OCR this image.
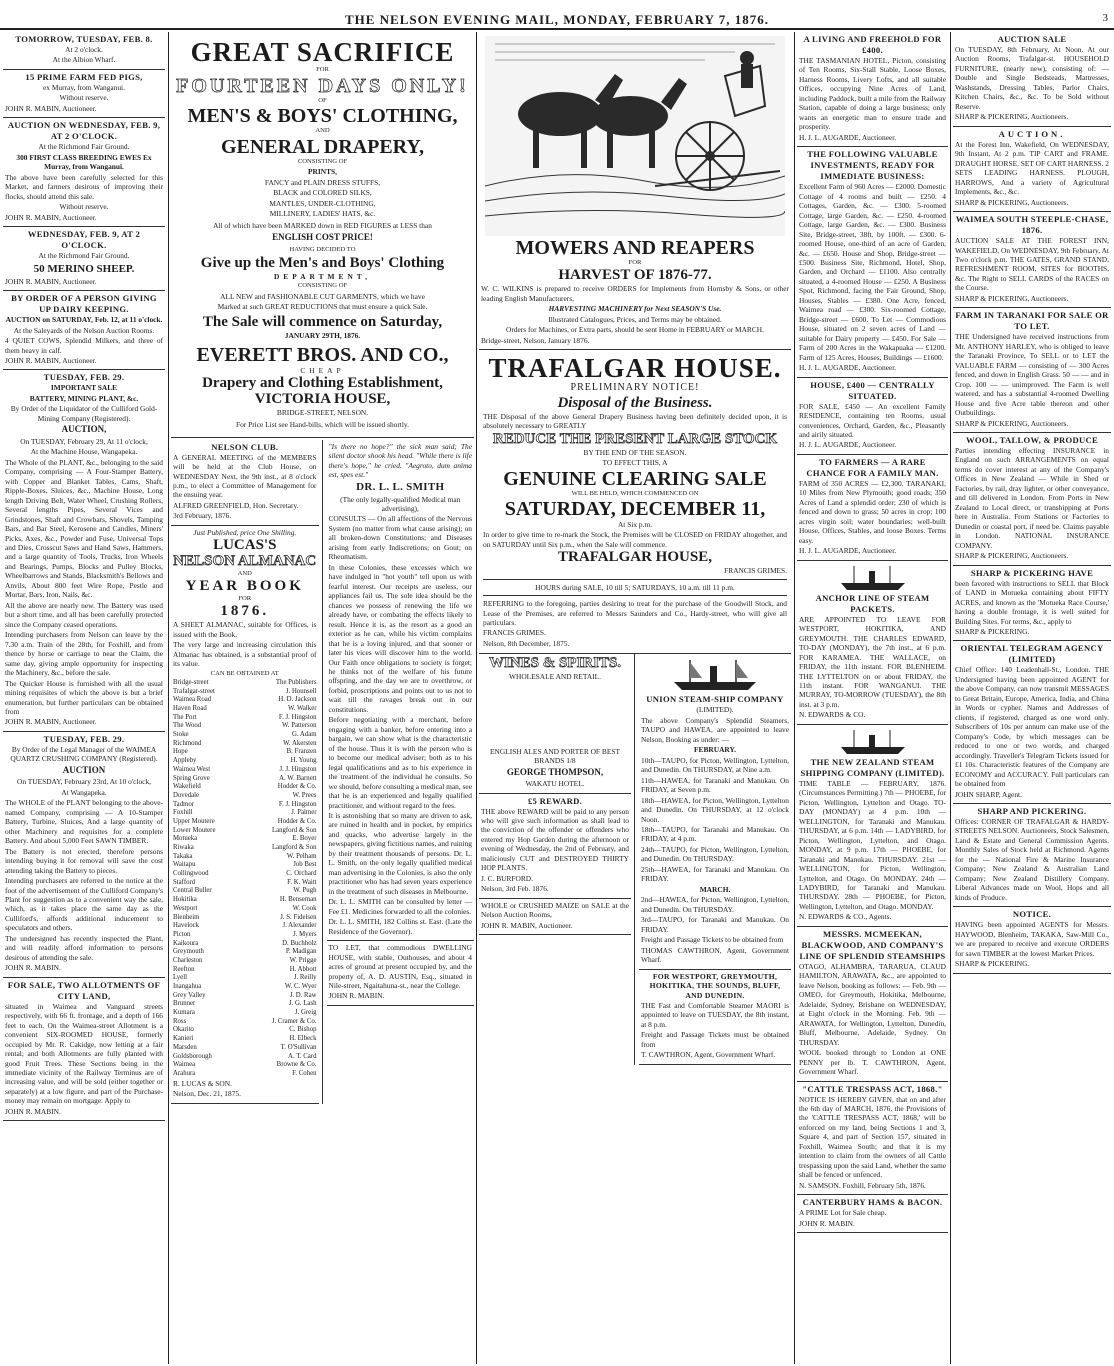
THE NELSON EVENING MAIL, MONDAY, FEBRUARY 7, 1876.	3
TOMORROW, TUESDAY, FEB. 8.

At 2 o'clock.

At the Albion Wharf.

15 PRIME FARM FED PIGS,

ex Murray, from Wanganui.

Without reserve.

JOHN R. MABIN, Auctioneer.

AUCTION ON WEDNESDAY, FEB. 9, AT 2 O'CLOCK.

At the Richmond Fair Ground.

300 FIRST CLASS BREEDING EWES Ex Murray, from Wanganui.

The above have been carefully selected for this Market, and farmers desirous of improving their flocks, should attend this sale.

Without reserve.

JOHN R. MABIN, Auctioneer.

WEDNESDAY, FEB. 9, AT 2 O'CLOCK.

At the Richmond Fair Ground.

50 MERINO SHEEP.

JOHN R. MABIN, Auctioneer.

BY ORDER OF A PERSON GIVING UP DAIRY KEEPING.

AUCTION on SATURDAY, Feb. 12, at 11 o'clock.

At the Saleyards of the Nelson Auction Rooms.

4 QUIET COWS, Splendid Milkers, and three of them heavy in calf.

JOHN R. MABIN, Auctioneer.

TUESDAY, FEB. 29.

IMPORTANT SALE

BATTERY, MINING PLANT, &c.

By Order of the Liquidator of the Culliford Gold-Mining Company (Registered).

AUCTION,

On TUESDAY, February 29, At 11 o'clock,

At the Machine House, Wangapeka.

The Whole of the PLANT, &c., belonging to the said Company, comprising — A Four-Stamper Battery, with Copper and Blanket Tables, Cams, Shaft, Ripple-Boxes, Sluices, &c., Machine House, Long length Driving Belt, Water Wheel, Crushing Rollers, Several lengths Pipes, Several Vices and Grindstones, Shaft and Crowbars, Shovels, Tamping Bars, and Bar Steel, Kerosene and Candles, Miners' Picks, Axes, &c., Powder and Fuse, Universal Tops and Dies, Crosscut Saws and Hand Saws, Hammers, and a large quantity of Tools, Trucks, Iron Wheels and Bearings, Pumps, Blocks and Pulley Blocks, Wheelbarrows and Stands, Blacksmith's Bellows and Anvils, About 800 feet Wire Rope, Pestle and Mortar, Bars, Iron, Nails, &c.

All the above are nearly new. The Battery was used but a short time, and all has been carefully protected since the Company ceased operations.

Intending purchasers from Nelson can leave by the 7.30 a.m. Train of the 28th, for Foxhill, and from thence by horse or carriage to near the Claim, the same day, giving ample opportunity for inspecting the Machinery, &c., before the sale.

The Quicker House is furnished with all the usual mining requisites of which the above is but a brief enumeration, but further particulars can be obtained from

JOHN R. MABIN, Auctioneer.

TUESDAY, FEB. 29.

By Order of the Legal Manager of the WAIMEA QUARTZ CRUSHING COMPANY (Registered).

AUCTION

On TUESDAY, February 23rd, At 10 o'clock,

At Wangapeka.

The WHOLE of the PLANT belonging to the above-named Company, comprising — A 10-Stamper Battery, Turbine, Sluices, And a large quantity of other Machinery and requisites for a complete Battery. And about 5,000 Feet SAWN TIMBER.

The Battery is not erected, therefore persons intending buying it for removal will save the cost attending taking the Battery to pieces.

Intending purchasers are referred to the notice at the foot of the advertisement of the Culliford Company's Plant for suggestion as to a convenient way the sale, which, as it takes place the same day as the Culliford's, affords additional inducement to speculators and others.

The undersigned has recently inspected the Plant, and will readily afford information to persons desirous of attending the sale.

JOHN R. MABIN.

FOR SALE, TWO ALLOTMENTS OF CITY LAND,

situated in Waimea and Vanguard streets respectively, with 66 ft. frontage, and a depth of 166 feet to each. On the Waimea-street Allotment is a convenient SIX-ROOMED HOUSE, formerly occupied by Mr. R. Cakidge, now letting at a fair rental; and both Allotments are fully planted with good Fruit Trees. These Sections being in the immediate vicinity of the Railway Terminus are of increasing value, and will be sold (either together or separately) at a low figure, and part of the Purchase-money may remain on mortgage. Apply to

JOHN R. MABIN.

GREAT SACRIFICE

FOR

FOURTEEN DAYS ONLY!

OF

MEN'S & BOYS' CLOTHING,

AND

GENERAL DRAPERY,

CONSISTING OF

PRINTS,

FANCY and PLAIN DRESS STUFFS,

BLACK and COLORED SILKS,

MANTLES, UNDER-CLOTHING,

MILLINERY, LADIES' HATS, &c.

All of which have been MARKED down in RED FIGURES at LESS than

ENGLISH COST PRICE!

HAVING DECIDED TO

Give up the Men's and Boys' Clothing

DEPARTMENT,

CONSISTING OF

ALL NEW and FASHIONABLE CUT GARMENTS, which we have

Marked at such GREAT REDUCTIONS that must ensure a quick Sale.

The Sale will commence on Saturday,

JANUARY 29TH, 1876.

EVERETT BROS. AND CO.,

CHEAP

Drapery and Clothing Establishment,
VICTORIA HOUSE,

BRIDGE-STREET, NELSON.

For Price List see Hand-bills, which will be issued shortly.

NELSON CLUB.

A GENERAL MEETING of the MEMBERS will be held at the Club House, on WEDNESDAY Next, the 9th inst., at 8 o'clock p.m., to elect a Committee of Management for the ensuing year.

ALFRED GREENFIELD, Hon. Secretary.

3rd February, 1876.

Just Published, price One Shilling.

LUCAS'S
NELSON ALMANAC

AND

YEAR BOOK

FOR

1876.

A SHEET ALMANAC, suitable for Offices, is issued with the Book.

The very large and increasing circulation this Almanac has obtained, is a substantial proof of its value.

CAN BE OBTAINED AT

Bridge-street	The Publishers
Trafalgar-street	J. Hounsell
Waimea Road	H. D. Jackson
Haven Road	W. Walker
The Port	F. J. Hingston
The Wood	W. Patterson
Stoke	G. Adam
Richmond	W. Akersten
Hope	B. Franzen
Appleby	H. Young
Waimea West	J. J. Hingston
Spring Grove	A. W. Barnett
Wakefield	Hodder & Co.
Dovedale	W. Prees
Tadmor	F. J. Hingston
Foxhill	J. Palmer
Upper Moutere	Hodder & Co.
Lower Moutere	Langford & Son
Motueka	E. Boyer
Riwaka	Langford & Son
Takaka	W. Pelham
Waitapu	Job Best
Collingwood	C. Orchard
Stafford	F. K. Waitt
Central Buller	W. Pugh
Hokitika	H. Benseman
Westport	W. Cook
Blenheim	J. S. Fidelsen
Havelock	J. Alexander
Picton	J. Myers
Kaikoura	D. Buchholz
Greymouth	P. Madigan
Charleston	W. Prigge
Reefton	H. Abbott
Lyell	J. Reilly
Inangahua	W. C. Wyer
Grey Valley	J. D. Raw
Brunner	J. G. Lash
Kumara	J. Greig
Ross	J. Cramer & Co.
Okarito	C. Bishop
Kanieri	H. Elbeck
Marsden	T. O'Sullivan
Goldsborough	A. T. Card
Waimea	Browne & Co.
Arahura	F. Cohen

R. LUCAS & SON.

Nelson, Dec. 21, 1875.

"Is there no hope?" the sick man said; The silent doctor shook his head. "While there is life there's hope," he cried. "Aegroto, dum anima est, spes est."

DR. L. L. SMITH

(The only legally-qualified Medical man advertising),

CONSULTS — On all affections of the Nervous System (no matter from what cause arising); on all broken-down Constitutions; and Diseases arising from early Indiscretions; on Gout; on Rheumatism.

In these Colonies, these excesses which we have indulged in "hot youth" tell upon us with fearful interest. Our receipts are useless, our appliances fail us. The sole idea should be the chances we possess of renewing the life we already have, or combating the effects likely to result. Hence it is, as the resort as a good an exterior as he can, while his victim complains that he is a loving injured, and that sooner or later his vices will discover him to the world. Our Faith once obligations to society is forget; he thinks not of the welfare of his future offspring, and the day we are to overthrow, or forbid, proscriptions and points out to us not to wait till the ravages break out in our constitutions.

Before negotiating with a merchant, before engaging with a banker, before entering into a bargain, we can show what is the characteristic of the house. Thus it is with the person who is to become our medical adviser; both as to his legal qualifications and as to his experience in the treatment of the individual he consults. So we should, before consulting a medical man, see that he is an experienced and legally qualified practitioner, and without regard to the fees.

It is astonishing that so many are driven to ask, are ruined in health and in pocket, by empirics and quacks, who advertise largely in the newspapers, giving fictitious names, and ruining by their treatment thousands of persons. Dr. L. L. Smith, on the only legally qualified medical man advertising in the Colonies, is also the only practitioner who has had seven years experience in the treatment of such diseases in Melbourne.

Dr. L. L. SMITH can be consulted by letter — Fee £1. Medicines forwarded to all the colonies.

Dr. L. L. SMITH, 182 Collins st. East. (Late the Residence of the Governor).

TO LET, that commodious DWELLING HOUSE, with stable, Outhouses, and about 4 acres of ground at present occupied by, and the property of, A. D. AUSTIN, Esq., situated in Nile-street, Ngaitahuna-st., near the College.

JOHN R. MABIN.

MOWERS AND REAPERS

FOR

HARVEST OF 1876-77.

W. C. WILKINS is prepared to receive ORDERS for Implements from Hornsby & Sons, or other leading English Manufacturers,

HARVESTING MACHINERY for Next SEASON'S Use.

Illustrated Catalogues, Prices, and Terms may be obtained.

Orders for Machines, or Extra parts, should be sent Home in FEBRUARY or MARCH.

Bridge-street, Nelson, January 1876.

TRAFALGAR HOUSE.

PRELIMINARY NOTICE!

Disposal of the Business.

THE Disposal of the above General Drapery Business having been definitely decided upon, it is absolutely necessary to GREATLY

REDUCE THE PRESENT LARGE STOCK

BY THE END OF THE SEASON.

TO EFFECT THIS, A

GENUINE CLEARING SALE

WILL BE HELD, WHICH COMMENCED ON

SATURDAY, DECEMBER 11,

At Six p.m.

In order to give time to re-mark the Stock, the Premises will be CLOSED on FRIDAY altogether, and on SATURDAY until Six p.m., when the Sale will commence.

TRAFALGAR HOUSE,

FRANCIS GRIMES.

HOURS during SALE, 10 till 5; SATURDAYS, 10 a.m. till 11 p.m.

REFERRING to the foregoing, parties desiring to treat for the purchase of the Goodwill Stock, and Lease of the Premises, are referred to Messrs Saunders and Co., Hardy-street, who will give all particulars.

FRANCIS GRIMES.

Nelson, 8th December, 1875.

WINES & SPIRITS.

WHOLESALE AND RETAIL.

ENGLISH ALES AND PORTER OF BEST BRANDS 1/8

GEORGE THOMPSON,

WAKATU HOTEL.

£5 REWARD.

THE above REWARD will be paid to any person who will give such information as shall lead to the conviction of the offender or offenders who entered my Hop Garden during the afternoon or evening of Wednesday, the 2nd of February, and maliciously CUT and DESTROYED THIRTY HOP PLANTS.

J. C. BURFORD.

Nelson, 3rd Feb. 1876.

WHOLE or CRUSHED MAIZE on SALE at the Nelson Auction Rooms,

JOHN R. MABIN, Auctioneer.

UNION STEAM-SHIP COMPANY

(LIMITED).

The above Company's Splendid Steamers, TAUPO and HAWEA, are appointed to leave Nelson, Booking as under: —

FEBRUARY.

10th—TAUPO, for Picton, Wellington, Lyttelton, and Dunedin. On THURSDAY, at Nine a.m.

11th—HAWEA, for Taranaki and Manukau. On FRIDAY, at Seven p.m.

18th—HAWEA, for Picton, Wellington, Lyttelton and Dunedin. On THURSDAY, at 12 o'clock Noon.

18th—TAUPO, for Taranaki and Manukau. On FRIDAY, at 4 p.m.

24th—TAUPO, for Picton, Wellington, Lyttelton, and Dunedin. On THURSDAY.

25th—HAWEA, for Taranaki and Manukau. On FRIDAY.

MARCH.

2nd—HAWEA, for Picton, Wellington, Lyttelton, and Dunedin. On THURSDAY.

3rd—TAUPO, for Taranaki and Manukau. On FRIDAY.

Freight and Passage Tickets to be obtained from

THOMAS CAWTHRON, Agent, Government Wharf.

FOR WESTPORT, GREYMOUTH, HOKITIKA, THE SOUNDS, BLUFF, AND DUNEDIN.

THE Fast and Comfortable Steamer MAORI is appointed to leave on TUESDAY, the 8th instant, at 8 p.m.

Freight and Passage Tickets must be obtained from

T. CAWTHRON, Agent, Government Wharf.

A LIVING AND FREEHOLD FOR £400.

THE TASMANIAN HOTEL, Picton, consisting of Ten Rooms, Six-Stall Stable, Loose Boxes, Harness Rooms, Livery Lofts, and all suitable Offices, occupying Nine Acres of Land, including Paddock, built a mile from the Railway Station, capable of doing a large business; only wants an energetic man to ensure trade and prosperity.

H. J. L. AUGARDE, Auctioneer.

THE FOLLOWING VALUABLE INVESTMENTS, READY FOR IMMEDIATE BUSINESS:

Excellent Farm of 960 Acres — £2000. Domestic Cottage of 4 rooms and built — £250. 4 Cottages, Garden, &c. — £300. 5-roomed Cottage, large Garden, &c. — £250. 4-roomed Cottage, large Garden, &c. — £300. Business Site, Bridge-street, 38ft. by 100ft. — £300. 6-roomed House, one-third of an acre of Garden, &c. — £650. House and Shop, Bridge-street — £500. Business Site, Richmond, Hotel, Shop, Garden, and Orchard — £1100. Also centrally situated, a 4-roomed House — £250. A Business Spot, Richmond, facing the Fair Ground, Shop, Houses, Stables — £380. One Acre, fenced, Waimea road — £300. Six-roomed Cottage, Bridge-street — £600. To Let — Commodious House, situated on 2 seven acres of Land — suitable for Dairy property — £450. For Sale — Farm of 200 Acres in the Wakapuaka — £1200. Farm of 125 Acres, Houses, Buildings — £1600.

H. J. L. AUGARDE, Auctioneer.

HOUSE, £400 — CENTRALLY SITUATED.

FOR SALE, £450 — An excellent Family RESIDENCE, containing ten Rooms, usual conveniences, Orchard, Garden, &c., Pleasantly and airily situated.

H. J. L. AUGARDE, Auctioneer.

TO FARMERS — A RARE CHANCE FOR A FAMILY MAN.

FARM of 350 ACRES — £2,300. TARANAKI, 10 Miles from New Plymouth; good roads; 350 Acres of Land a splendid order; 230 of which is fenced and down to grass; 50 acres in crop; 100 acres virgin soil; water boundaries; well-built House, Offices, Stables, and loose Boxes. Terms easy.

H. J. L. AUGARDE, Auctioneer.

ANCHOR LINE OF STEAM PACKETS.

ARE APPOINTED TO LEAVE FOR WESTPORT, HOKITIKA, AND GREYMOUTH. THE CHARLES EDWARD, TO-DAY (MONDAY), the 7th inst., at 6 p.m. FOR KARAMEA. THE WALLACE, on FRIDAY, the 11th instant. FOR BLENHEIM. THE LYTTELTON on or about FRIDAY, the 11th instant. FOR WANGANUI. THE MURRAY, TO-MORROW (TUESDAY), the 8th inst. at 3 p.m.

N. EDWARDS & CO.

THE NEW ZEALAND STEAM SHIPPING COMPANY (LIMITED).

TIME TABLE — FEBRUARY, 1876. (Circumstances Permitting.) 7th — PHOEBE, for Picton, Wellington, Lyttelton and Otago. TO-DAY (MONDAY) at 4 p.m. 10th — WELLINGTON, for Taranaki and Manukau. THURSDAY, at 6 p.m. 14th — LADYBIRD, for Picton, Wellington, Lyttelton, and Otago. MONDAY, at 9 p.m. 17th — PHOEBE, for Taranaki and Manukau. THURSDAY. 21st — WELLINGTON, for Picton, Wellington, Lyttelton, and Otago. On MONDAY. 24th — LADYBIRD, for Taranaki and Manukau. THURSDAY. 28th — PHOEBE, for Picton, Wellington, Lyttelton, and Otago. MONDAY.

N. EDWARDS & CO., Agents.

MESSRS. MCMEEKAN, BLACKWOOD, AND COMPANY'S LINE OF SPLENDID STEAMSHIPS

OTAGO, ALHAMBRA, TARARUA, CLAUD HAMILTON, ARAWATA, &c., are appointed to leave Nelson, booking as follows: — Feb. 9th — OMEO, for Greymouth, Hokitika, Melbourne, Adelaide, Sydney, Brisbane on WEDNESDAY, at Eight o'clock in the Morning. Feb. 9th — ARAWATA, for Wellington, Lyttelton, Dunedin, Bluff, Melbourne, Adelaide, Sydney. On THURSDAY.

WOOL booked through to London at ONE PENNY per lb. T. CAWTHRON, Agent, Government Wharf.

"CATTLE TRESPASS ACT, 1868."

NOTICE IS HEREBY GIVEN, that on and after the 6th day of MARCH, 1876, the Provisions of the 'CATTLE TRESPASS ACT, 1868,' will be enforced on my land, being Sections 1 and 3, Square 4, and part of Section 157, situated in Foxhill, Waimea South; and that it is my intention to claim from the owners of all Cattle trespassing upon the said Land, whether the same shall be fenced or unfenced.

N. SAMSON. Foxhill, February 5th, 1876.

CANTERBURY HAMS & BACON.

A PRIME Lot for Sale cheap.

JOHN R. MABIN.

AUCTION SALE

On TUESDAY, 8th February, At Noon. At our Auction Rooms, Trafalgar-st. HOUSEHOLD FURNITURE, (nearly new), consisting of: — Double and Single Bedsteads, Mattresses, Washstands, Dressing Tables, Parlor Chairs, Kitchen Chairs, &c., &c. To be Sold without Reserve.

SHARP & PICKERING, Auctioneers.

AUCTION.

At the Forest Inn, Wakefield, On WEDNESDAY, 9th Instant, At 2 p.m. TIP CART and FRAME. DRAUGHT HORSE. SET OF CART HARNESS. 2 SETS LEADING HARNESS. PLOUGH, HARROWS, And a variety of Agricultural Implements, &c., &c.

SHARP & PICKERING, Auctioneers.

WAIMEA SOUTH STEEPLE-CHASE, 1876.

AUCTION SALE AT THE FOREST INN, WAKEFIELD, On WEDNESDAY, 9th February, At Two o'clock p.m. THE GATES, GRAND STAND, REFRESHMENT ROOM, SITES for BOOTHS, &c. The Right to SELL CARDS of the RACES on the Course.

SHARP & PICKERING, Auctioneers.

FARM IN TARANAKI FOR SALE OR TO LET.

THE Undersigned have received instructions from Mr. ANTHONY HARLEY, who is obliged to leave the Taranaki Province, To SELL or to LET the VALUABLE FARM — consisting of — 300 Acres fenced, and down in English Grass. 50 — — and in Crop. 100 — — unimproved. The Farm is well watered, and has a substantial 4-roomed Dwelling House and five Acre table thereon and other Outbuildings.

SHARP & PICKERING, Auctioneers.

WOOL, TALLOW, & PRODUCE

Parties intending effecting INSURANCE in England on such ARRANGEMENTS on equal terms do cover interest at any of the Company's Offices in New Zealand — While in Shed or Factories, by rail, dray lighter, or other conveyance, and till delivered in London. From Ports in New Zealand to Local direct, or transhipping at Ports here in Australia. From Stations or Factories to Dunedin or coastal port, if need be. Claims payable in London. NATIONAL INSURANCE COMPANY.

SHARP & PICKERING, Auctioneers.

SHARP & PICKERING HAVE

been favored with instructions to SELL that Block of LAND in Motueka containing about FIFTY ACRES, and known as the 'Motueka Race Course,' having a double frontage, it is well suited for Building Sites. For terms, &c., apply to

SHARP & PICKERING.

ORIENTAL TELEGRAM AGENCY (LIMITED)

Chief Office: 140 Leadenhall-St., London. THE Undersigned having been appointed AGENT for the above Company, can now transmit MESSAGES to Great Britain, Europe, America, India, and China in Words or cypher. Names and Addresses of clients, if registered, charged as one word only. Subscribers of 10s per annum can make use of the Company's Code, by which messages can be reduced to one or two words, and charged accordingly. Traveller's Telegram Tickets issued for £1 10s. Characteristic features of the Company are ECONOMY and ACCURACY. Full particulars can be obtained from

JOHN SHARP, Agent.

SHARP AND PICKERING.

Offices: CORNER OF TRAFALGAR & HARDY-STREETS NELSON. Auctioneers, Stock Salesmen, Land & Estate and General Commission Agents. Monthly Sales of Stock held at Richmond. Agents for the — National Fire & Marine Insurance Company; New Zealand & Australian Land Company; New Zealand Distillery Company. Liberal Advances made on Wool, Hops and all kinds of Produce.

NOTICE.

HAVING been appointed AGENTS for Messrs. HAYWOOD, Blenheim, TAKAKA, Saw-Mill Co., we are prepared to receive and execute ORDERS for sawn TIMBER at the lowest Market Prices.

SHARP & PICKERING.
